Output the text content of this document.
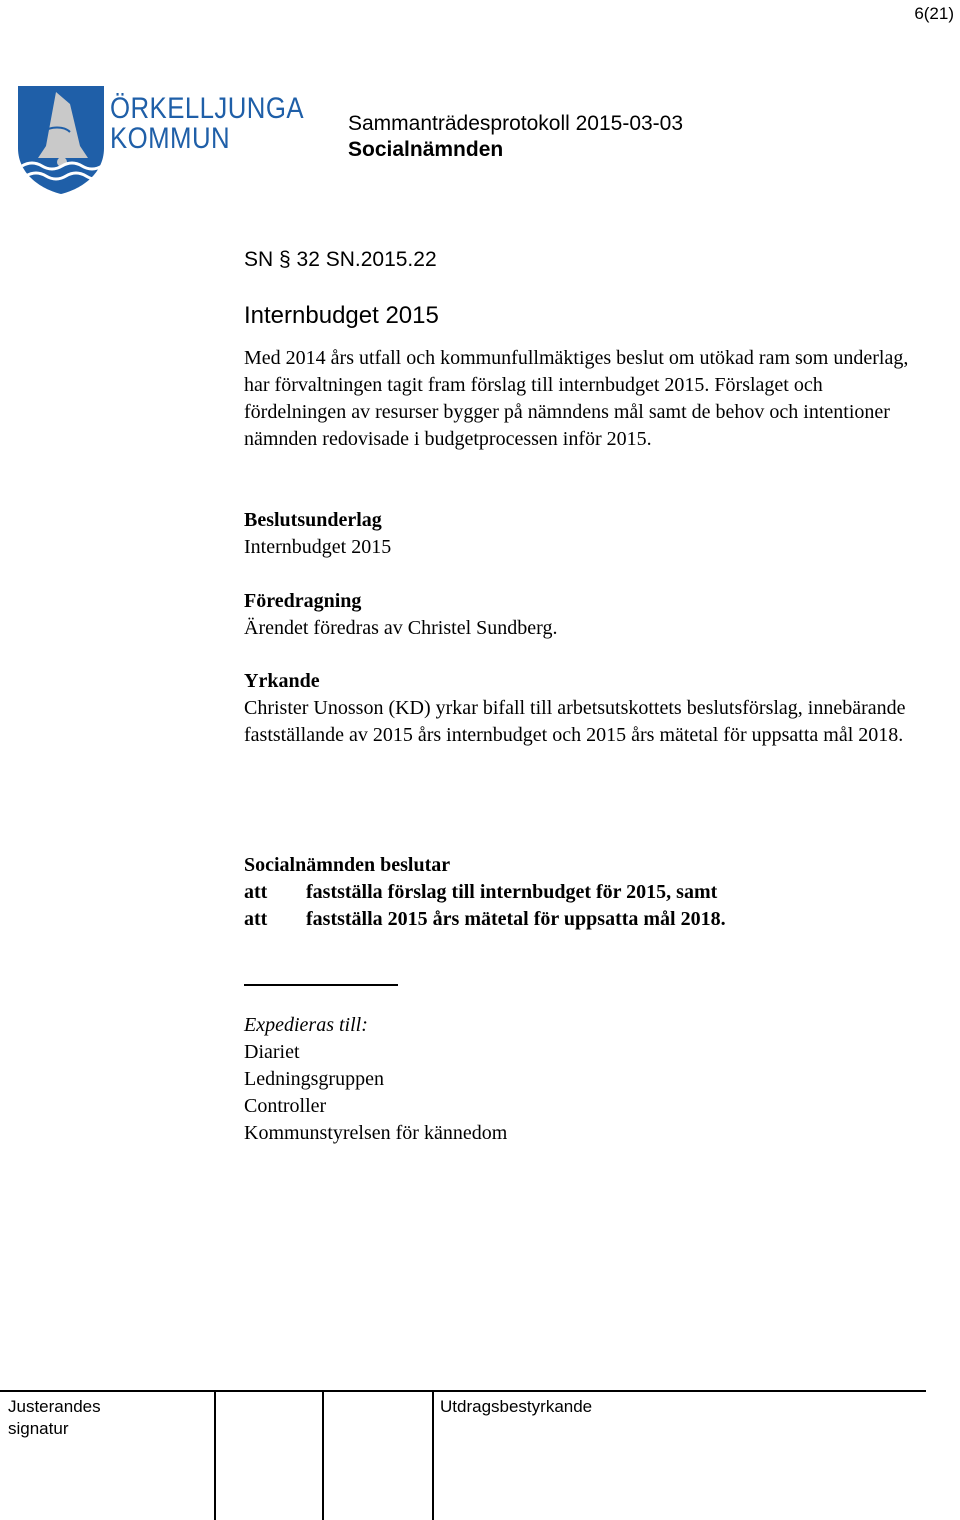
6(21)
ÖRKELLJUNGA
KOMMUN	Sammanträdesprotokoll 2015-03-03
Socialnämnden
SN § 32 SN.2015.22
Internbudget 2015

Med 2014 års utfall och kommunfullmäktiges beslut om utökad ram som underlag, har förvaltningen tagit fram förslag till internbudget 2015. Förslaget och fördelningen av resurser bygger på nämndens mål samt de behov och intentioner nämnden redovisade i budgetprocessen inför 2015.

Beslutsunderlag
Internbudget 2015
Föredragning
Ärendet föredras av Christel Sundberg.
Yrkande
Christer Unosson (KD) yrkar bifall till arbetsutskottets beslutsförslag, innebärande fastställande av 2015 års internbudget och 2015 års mätetal för uppsatta mål 2018.
Socialnämnden beslutar
att	fastställa förslag till internbudget för 2015, samt
att	fastställa 2015 års mätetal för uppsatta mål 2018.
Expedieras till:
Diariet
Ledningsgruppen
Controller
Kommunstyrelsen för kännedom
Justerandes
signatur
Utdragsbestyrkande
